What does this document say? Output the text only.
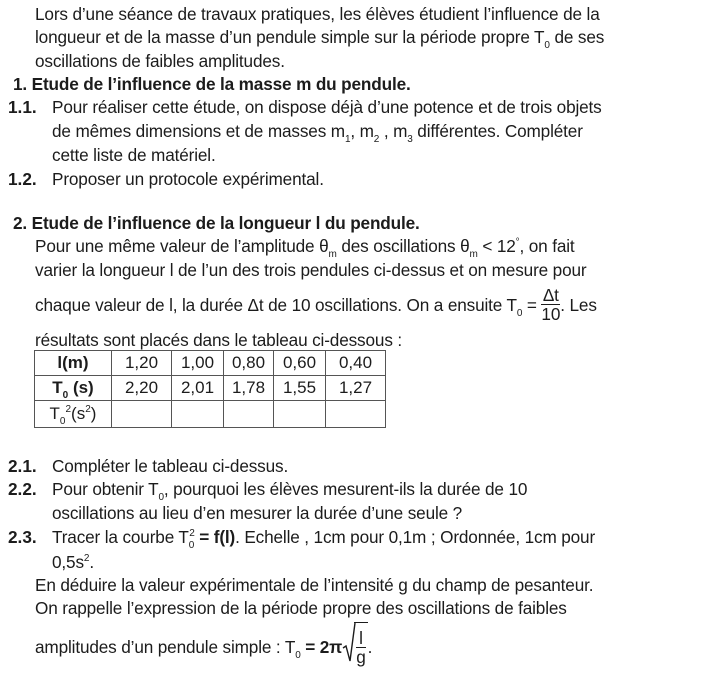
Lors d’une séance de travaux pratiques, les élèves étudient l’influence de la
longueur et de la masse d’un pendule simple sur la période propre $T_0$ de ses
oscillations de faibles amplitudes.
1. Etude de l’influence de la masse m du pendule.
1.1. Pour réaliser cette étude, on dispose déjà d’une potence et de trois objets
de mêmes dimensions et de masses $m_1$, $m_2$ , $m_3$ différentes. Compléter
cette liste de matériel.
1.2. Proposer un protocole expérimental.
2. Etude de l’influence de la longueur l du pendule.
Pour une même valeur de l’amplitude $\theta_m$ des oscillations $\theta_m < 12^\circ$, on fait
varier la longueur l de l’un des trois pendules ci-dessus et on mesure pour
chaque valeur de l, la durée Δt de 10 oscillations. On a ensuite $T_0 = \frac{\Delta t}{10}$ . Les
résultats sont placés dans le tableau ci-dessous :
l(m)	1,20	1,00	0,80	0,60	0,40
$T_0$ (s)	2,20	2,01	1,78	1,55	1,27
$T_0^2(s^2)$					
2.1. Compléter le tableau ci-dessus.
2.2. Pour obtenir $T_0$, pourquoi les élèves mesurent-ils la durée de 10
oscillations au lieu d’en mesurer la durée d’une seule ?
2.3. Tracer la courbe $T_0^2 = f(l)$. Echelle , 1cm pour 0,1m ; Ordonnée, 1cm pour
$0,5s^2$.
En déduire la valeur expérimentale de l’intensité g du champ de pesanteur.
On rappelle l’expression de la période propre des oscillations de faibles
amplitudes d’un pendule simple : $T_0 = 2\pi \frac{l}{g}$ .
